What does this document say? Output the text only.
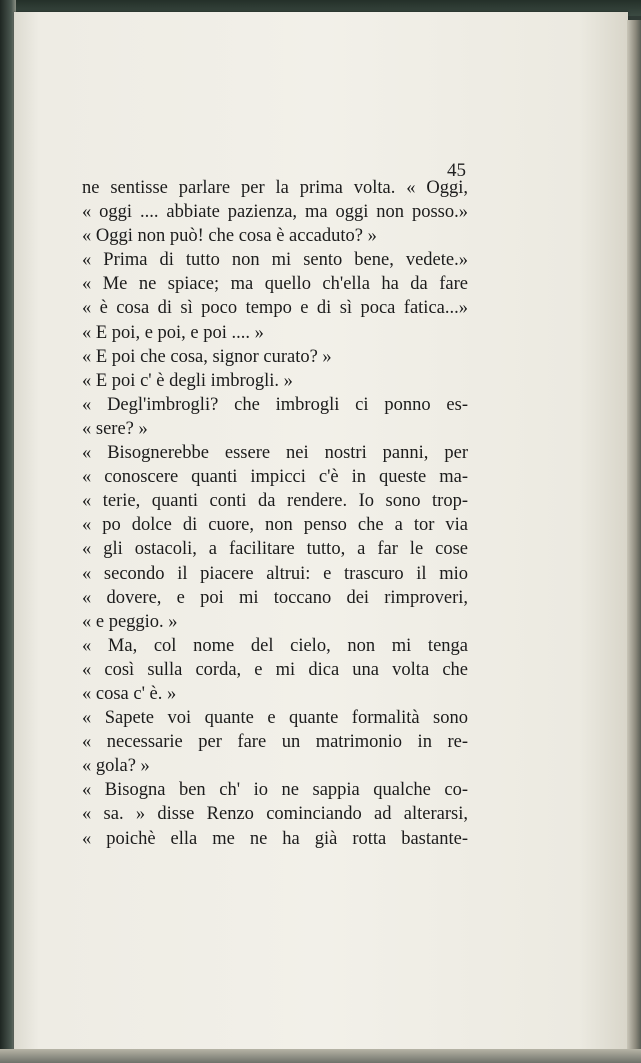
45
ne sentisse parlare per la prima volta. « Oggi,
« oggi .... abbiate pazienza, ma oggi non posso.»
« Oggi non può! che cosa è accaduto? »
« Prima di tutto non mi sento bene, vedete.»
« Me ne spiace; ma quello ch'ella ha da fare
« è cosa di sì poco tempo e di sì poca fatica...»
« E poi, e poi, e poi .... »
« E poi che cosa, signor curato? »
« E poi c' è degli imbrogli. »
« Degl'imbrogli? che imbrogli ci ponno es-
« sere? »
« Bisognerebbe essere nei nostri panni, per
« conoscere quanti impicci c'è in queste ma-
« terie, quanti conti da rendere. Io sono trop-
« po dolce di cuore, non penso che a tor via
« gli ostacoli, a facilitare tutto, a far le cose
« secondo il piacere altrui: e trascuro il mio
« dovere, e poi mi toccano dei rimproveri,
« e peggio. »
« Ma, col nome del cielo, non mi tenga
« così sulla corda, e mi dica una volta che
« cosa c' è. »
« Sapete voi quante e quante formalità sono
« necessarie per fare un matrimonio in re-
« gola? »
« Bisogna ben ch' io ne sappia qualche co-
« sa. » disse Renzo cominciando ad alterarsi,
« poichè ella me ne ha già rotta bastante-
